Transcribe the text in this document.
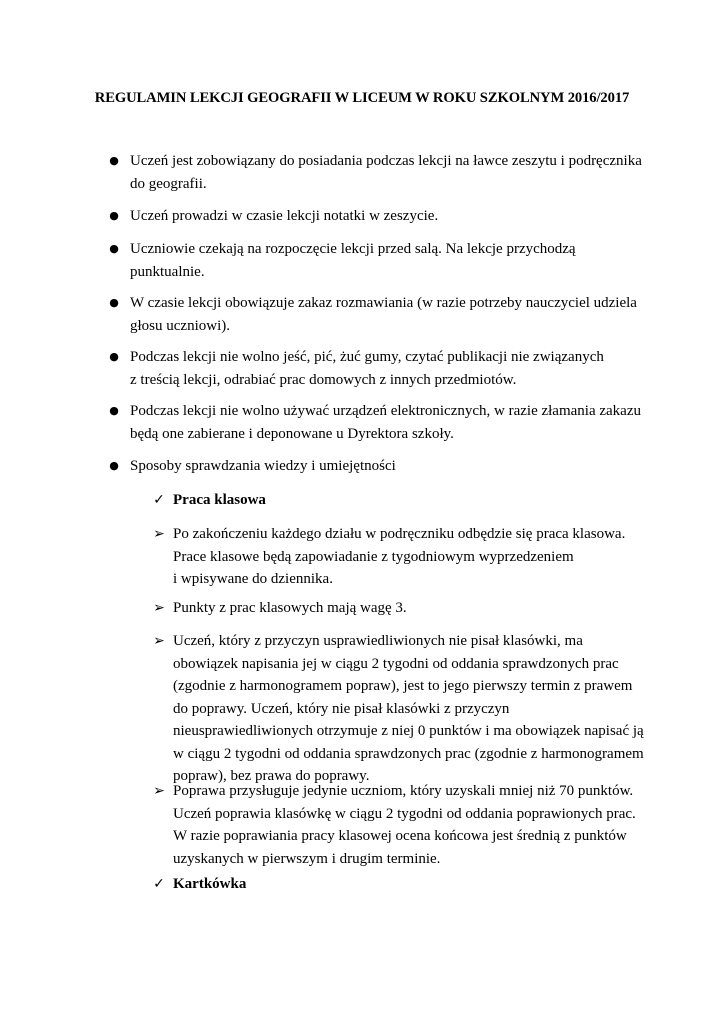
REGULAMIN LEKCJI GEOGRAFII W LICEUM W ROKU SZKOLNYM 2016/2017
● Uczeń jest zobowiązany do posiadania podczas lekcji na ławce zeszytu i podręcznika
do geografii.
● Uczeń prowadzi w czasie lekcji notatki w zeszycie.
● Uczniowie czekają na rozpoczęcie lekcji przed salą. Na lekcje przychodzą
punktualnie.
● W czasie lekcji obowiązuje zakaz rozmawiania (w razie potrzeby nauczyciel udziela
głosu uczniowi).
● Podczas lekcji nie wolno jeść, pić, żuć gumy, czytać publikacji nie związanych
z treścią lekcji, odrabiać prac domowych z innych przedmiotów.
● Podczas lekcji nie wolno używać urządzeń elektronicznych, w razie złamania zakazu
będą one zabierane i deponowane u Dyrektora szkoły.
● Sposoby sprawdzania wiedzy i umiejętności
✓ Praca klasowa
➢ Po zakończeniu każdego działu w podręczniku odbędzie się praca klasowa.
Prace klasowe będą zapowiadanie z tygodniowym wyprzedzeniem
i wpisywane do dziennika.
➢ Punkty z prac klasowych mają wagę 3.
➢ Uczeń, który z przyczyn usprawiedliwionych nie pisał klasówki, ma
obowiązek napisania jej w ciągu 2 tygodni od oddania sprawdzonych prac
(zgodnie z harmonogramem popraw), jest to jego pierwszy termin z prawem
do poprawy. Uczeń, który nie pisał klasówki z przyczyn
nieusprawiedliwionych otrzymuje z niej 0 punktów i ma obowiązek napisać ją
w ciągu 2 tygodni od oddania sprawdzonych prac (zgodnie z harmonogramem
popraw), bez prawa do poprawy.
➢ Poprawa przysługuje jedynie uczniom, który uzyskali mniej niż 70 punktów.
Uczeń poprawia klasówkę w ciągu 2 tygodni od oddania poprawionych prac.
W razie poprawiania pracy klasowej ocena końcowa jest średnią z punktów
uzyskanych w pierwszym i drugim terminie.
✓ Kartkówka
